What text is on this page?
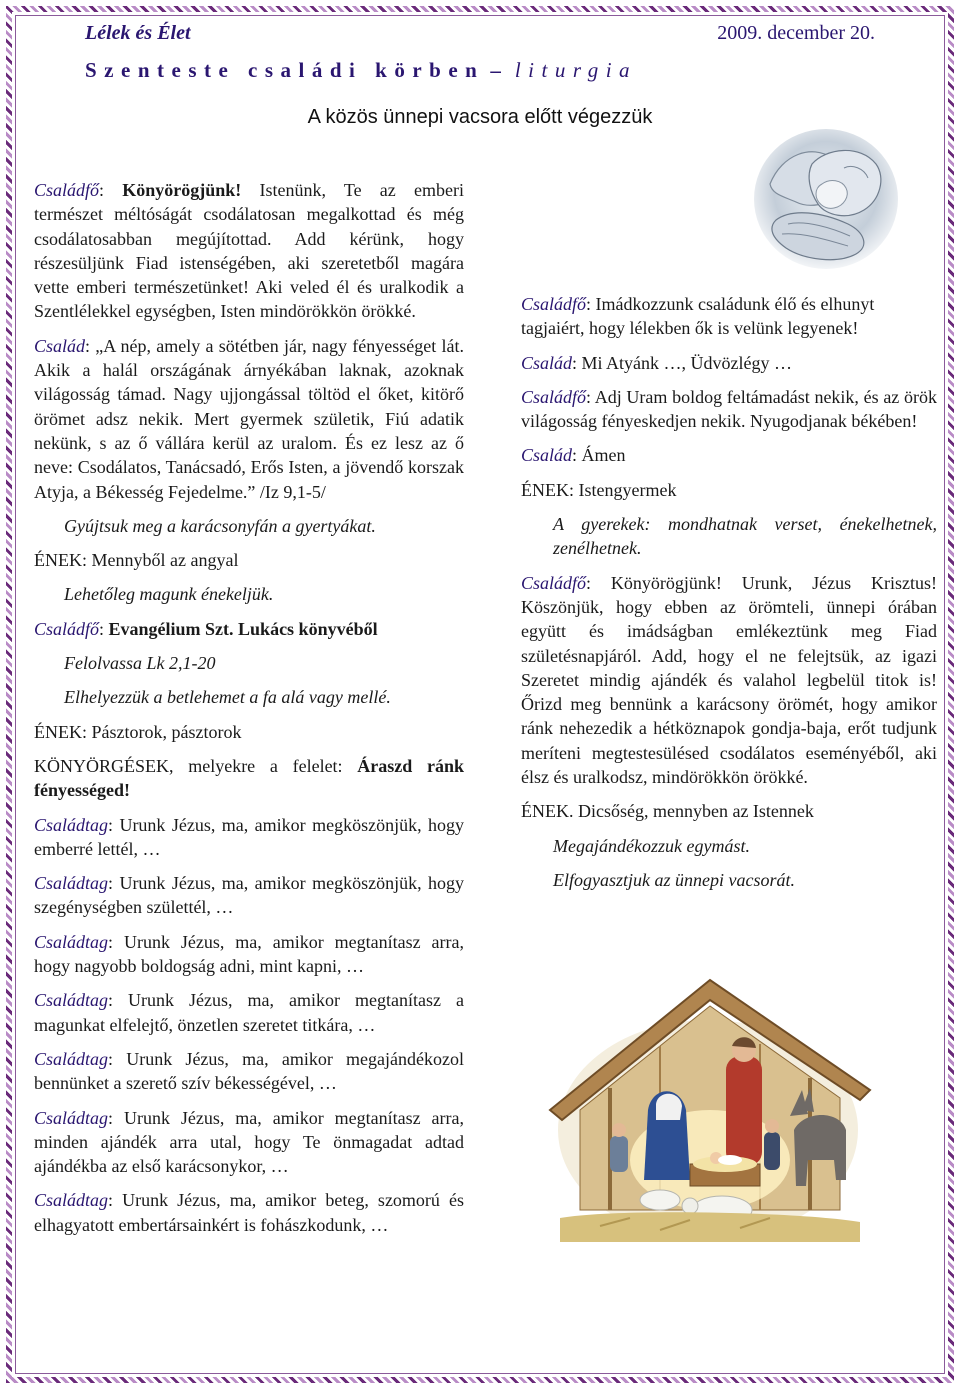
Lélek és Élet	2009. december 20.
Szenteste családi körben – liturgia
A közös ünnepi vacsora előtt végezzük
Családfő: Könyörögjünk! Istenünk, Te az emberi természet méltóságát csodálatosan megalkottad és még csodálatosabban megújítottad. Add kérünk, hogy részesüljünk Fiad istenségében, aki szeretetből magára vette emberi természetünket! Aki veled él és uralkodik a Szentlélekkel egységben, Isten mindörökkön örökké.
Család: „A nép, amely a sötétben jár, nagy fényességet lát. Akik a halál országának árnyékában laknak, azoknak világosság támad. Nagy ujjongással töltöd el őket, kitörő örömet adsz nekik. Mert gyermek születik, Fiú adatik nekünk, s az ő vállára kerül az uralom. És ez lesz az ő neve: Csodálatos, Tanácsadó, Erős Isten, a jövendő korszak Atyja, a Békesség Fejedelme.” /Iz 9,1-5/
Gyújtsuk meg a karácsonyfán a gyertyákat.
ÉNEK: Mennyből az angyal
Lehetőleg magunk énekeljük.
Családfő: Evangélium Szt. Lukács könyvéből
Felolvassa Lk 2,1-20
Elhelyezzük a betlehemet a fa alá vagy mellé.
ÉNEK: Pásztorok, pásztorok
KÖNYÖRGÉSEK, melyekre a felelet: Áraszd ránk fényességed!
Családtag: Urunk Jézus, ma, amikor megköszönjük, hogy emberré lettél, …
Családtag: Urunk Jézus, ma, amikor megköszönjük, hogy szegénységben születtél, …
Családtag: Urunk Jézus, ma, amikor megtanítasz arra, hogy nagyobb boldogság adni, mint kapni, …
Családtag: Urunk Jézus, ma, amikor megtanítasz a magunkat elfelejtő, önzetlen szeretet titkára, …
Családtag: Urunk Jézus, ma, amikor megajándékozol bennünket a szerető szív békességével, …
Családtag: Urunk Jézus, ma, amikor megtanítasz arra, minden ajándék arra utal, hogy Te önmagadat adtad ajándékba az első karácsonykor, …
Családtag: Urunk Jézus, ma, amikor beteg, szomorú és elhagyatott embertársainkért is fohászkodunk, …
Családfő: Imádkozzunk családunk élő és elhunyt tagjaiért, hogy lélekben ők is velünk legyenek!
Család: Mi Atyánk …, Üdvözlégy …
Családfő: Adj Uram boldog feltámadást nekik, és az örök világosság fényeskedjen nekik. Nyugodjanak békében!
Család: Ámen
ÉNEK: Istengyermek
A gyerekek: mondhatnak verset, énekelhetnek, zenélhetnek.
Családfő: Könyörögjünk! Urunk, Jézus Krisztus! Köszönjük, hogy ebben az örömteli, ünnepi órában együtt és imádságban emlékeztünk meg Fiad születésnapjáról. Add, hogy el ne felejtsük, az igazi Szeretet mindig ajándék és valahol legbelül titok is! Őrizd meg bennünk a karácsony örömét, hogy amikor ránk nehezedik a hétköznapok gondja-baja, erőt tudjunk meríteni megtestesülésed csodálatos eseményéből, aki élsz és uralkodsz, mindörökkön örökké.
ÉNEK. Dicsőség, mennyben az Istennek
Megajándékozzuk egymást.
Elfogyasztjuk az ünnepi vacsorát.
